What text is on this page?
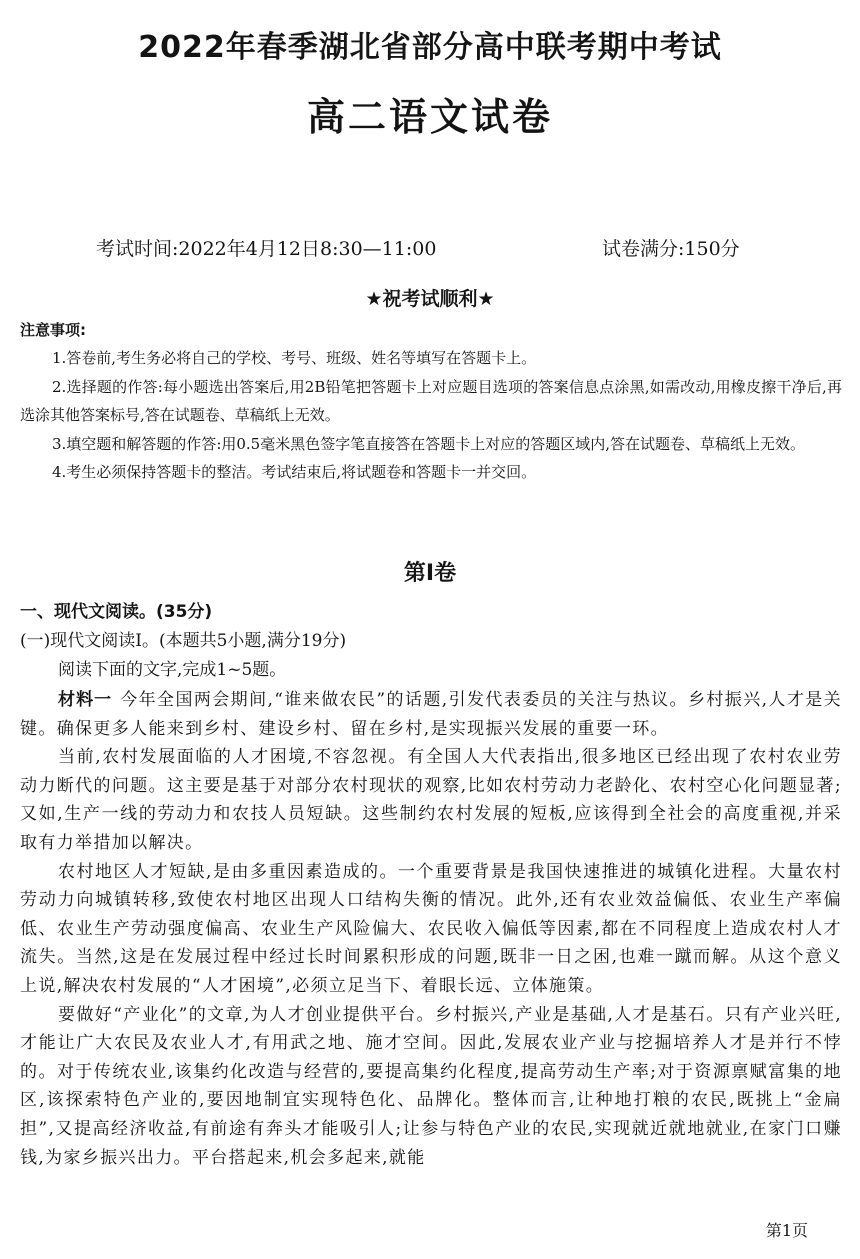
2022年春季湖北省部分高中联考期中考试
高二语文试卷
考试时间:2022年4月12日8:30—11:00	试卷满分:150分
★祝考试顺利★
注意事项:

1.答卷前,考生务必将自己的学校、考号、班级、姓名等填写在答题卡上。

2.选择题的作答:每小题选出答案后,用2B铅笔把答题卡上对应题目选项的答案信息点涂黑,如需改动,用橡皮擦干净后,再选涂其他答案标号,答在试题卷、草稿纸上无效。

3.填空题和解答题的作答:用0.5毫米黑色签字笔直接答在答题卡上对应的答题区域内,答在试题卷、草稿纸上无效。

4.考生必须保持答题卡的整洁。考试结束后,将试题卷和答题卡一并交回。

第Ⅰ卷
一、现代文阅读。(35分)
(一)现代文阅读Ⅰ。(本题共5小题,满分19分)
阅读下面的文字,完成1~5题。

材料一 今年全国两会期间,“谁来做农民”的话题,引发代表委员的关注与热议。乡村振兴,人才是关键。确保更多人能来到乡村、建设乡村、留在乡村,是实现振兴发展的重要一环。

当前,农村发展面临的人才困境,不容忽视。有全国人大代表指出,很多地区已经出现了农村农业劳动力断代的问题。这主要是基于对部分农村现状的观察,比如农村劳动力老龄化、农村空心化问题显著;又如,生产一线的劳动力和农技人员短缺。这些制约农村发展的短板,应该得到全社会的高度重视,并采取有力举措加以解决。

农村地区人才短缺,是由多重因素造成的。一个重要背景是我国快速推进的城镇化进程。大量农村劳动力向城镇转移,致使农村地区出现人口结构失衡的情况。此外,还有农业效益偏低、农业生产率偏低、农业生产劳动强度偏高、农业生产风险偏大、农民收入偏低等因素,都在不同程度上造成农村人才流失。当然,这是在发展过程中经过长时间累积形成的问题,既非一日之困,也难一蹴而解。从这个意义上说,解决农村发展的“人才困境”,必须立足当下、着眼长远、立体施策。

要做好“产业化”的文章,为人才创业提供平台。乡村振兴,产业是基础,人才是基石。只有产业兴旺,才能让广大农民及农业人才,有用武之地、施才空间。因此,发展农业产业与挖掘培养人才是并行不悖的。对于传统农业,该集约化改造与经营的,要提高集约化程度,提高劳动生产率;对于资源禀赋富集的地区,该探索特色产业的,要因地制宜实现特色化、品牌化。整体而言,让种地打粮的农民,既挑上“金扁担”,又提高经济收益,有前途有奔头才能吸引人;让参与特色产业的农民,实现就近就地就业,在家门口赚钱,为家乡振兴出力。平台搭起来,机会多起来,就能

第1页
